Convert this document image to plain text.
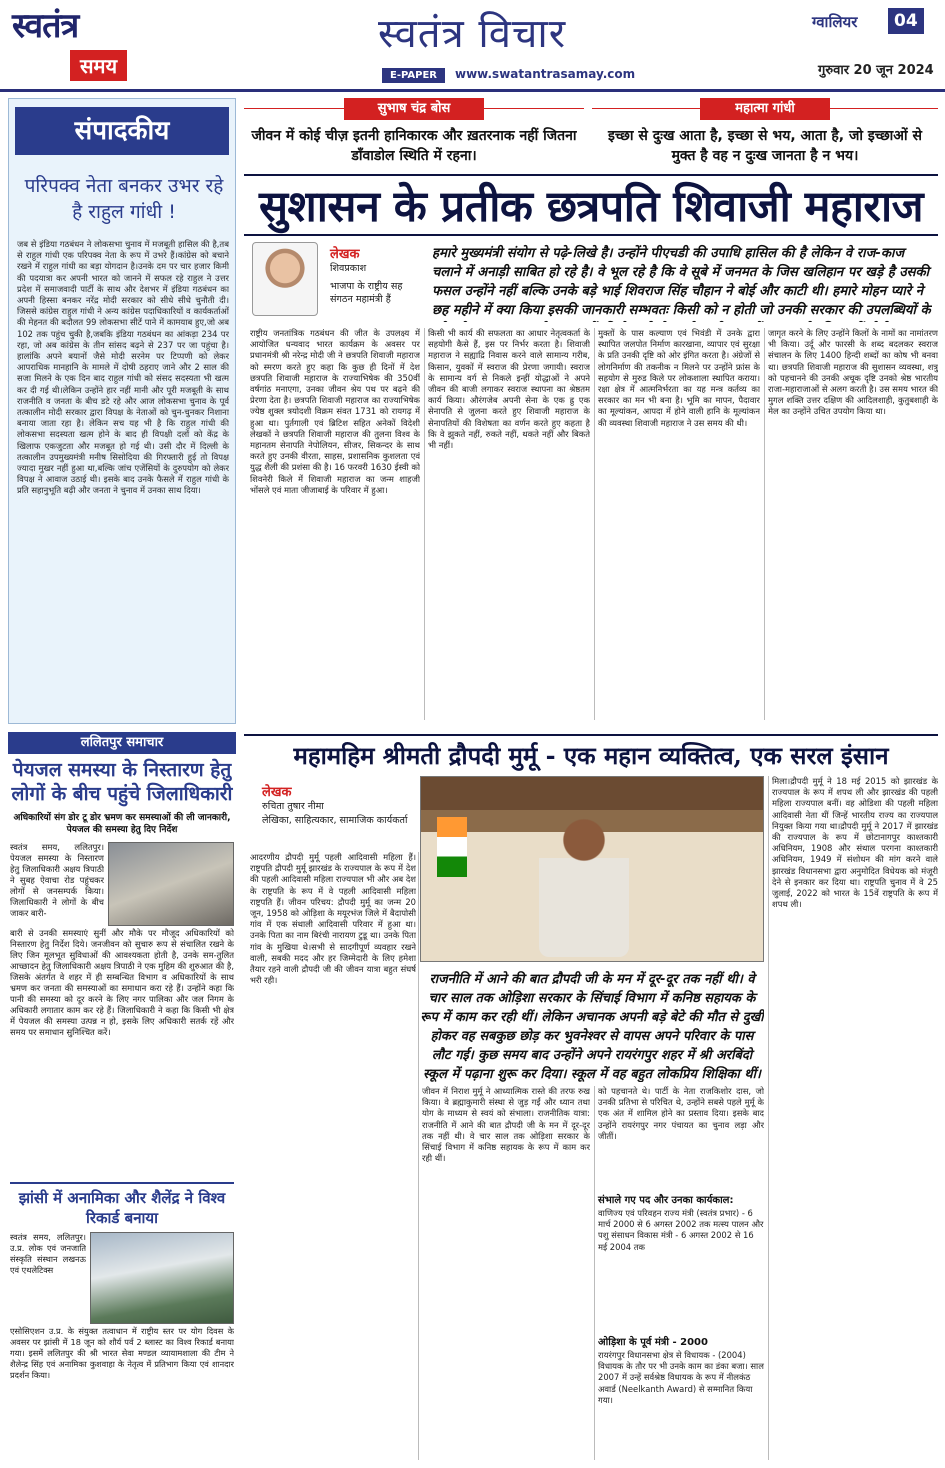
स्वतंत्र
समय
स्वतंत्र विचार
E-PAPER	www.swatantrasamay.com
ग्वालियर	04
गुरुवार 20 जून 2024
संपादकीय
परिपक्व नेता बनकर उभर रहे है राहुल गांधी !
जब से इंडिया गठबंधन ने लोकसभा चुनाव में मजबूती हासिल की है,तब से राहुल गांधी एक परिपक्व नेता के रूप में उभरे हैं।कांग्रेस को बचाने रखने में राहुल गांधी का बड़ा योगदान है।उनके दम पर चार हजार किमी की पदयात्रा कर अपनी भारत को जानने में सफल रहे राहुल ने उत्तर प्रदेश में समाजवादी पार्टी के साथ और देशभर में इंडिया गठबंधन का अपनी हिस्सा बनकर नरेंद्र मोदी सरकार को सीधे सीधे चुनौती दी। जिससे कांग्रेस राहुल गांधी ने अन्य कांग्रेस पदाधिकारियों व कार्यकर्ताओं की मेहनत की बदौलत 99 लोकसभा सीटें पाने में कामयाब हुए,जो अब 102 तक पहुंच चुकी है,जबकि इंडिया गठबंधन का आंकड़ा 234 पर रहा, जो अब कांग्रेस के तीन सांसद बढ़ने से 237 पर जा पहुंचा है।हालांकि अपने बयानों जैसे मोदी सरनेम पर टिप्पणी को लेकर आपराधिक मानहानि के मामले में दोषी ठहराए जाने और 2 साल की सजा मिलने के एक दिन बाद राहुल गांधी को संसद सदस्यता भी खत्म कर दी गई थी।लेकिन उन्होंने हार नहीं मानी और पूरी मजबूती के साथ राजनीति व जनता के बीच डटे रहे और आज लोकसभा चुनाव के पूर्व तत्कालीन मोदी सरकार द्वारा विपक्ष के नेताओं को चुन-चुनकर निशाना बनाया जाता रहा है। लेकिन सच यह भी है कि राहुल गांधी की लोकसभा सदस्यता खत्म होने के बाद ही विपक्षी दलों को केंद्र के खिलाफ एकजुटता और मजबूत हो गई थी। उसी दौर में दिल्ली के तत्कालीन उपमुख्यमंत्री मनीष सिसोदिया की गिरफ्तारी हुई तो विपक्ष ज्यादा मुखर नहीं हुआ था,बल्कि जांच एजेंसियों के दुरुपयोग को लेकर विपक्ष ने आवाज उठाई थी। इसके बाद उनके फैसले में राहुल गांधी के प्रति सहानुभूति बढ़ी और जनता ने चुनाव में उनका साथ दिया।
ललितपुर समाचार
पेयजल समस्या के निस्तारण हेतु लोगों के बीच पहुंचे जिलाधिकारी
अधिकारियों संग डोर टू डोर भ्रमण कर समस्याओं की ली जानकारी, पेयजल की समस्या हेतु दिए निर्देश
स्वतंत्र समय, ललितपुर। पेयजल समस्या के निस्तारण हेतु जिलाधिकारी अक्षय त्रिपाठी ने सुबह ऐवाचा रोड पहुंचकर लोगों से जनसम्पर्क किया। जिलाधिकारी ने लोगों के बीच जाकर बारी-
बारी से उनकी समस्याएं सुनीं और मौके पर मौजूद अधिकारियों को निस्तारण हेतु निर्देश दिये। जनजीवन को सुचारु रूप से संचालित रखने के लिए जिन मूलभूत सुविधाओं की आवश्यकता होती है, उनके सम-तुलित आच्छादन हेतु जिलाधिकारी अक्षय त्रिपाठी ने एक मुहिम की शुरुआत की है, जिसके अंतर्गत वे शहर में ही सम्बन्धित विभाग व अधिकारियों के साथ भ्रमण कर जनता की समस्याओं का समाधान करा रहे हैं। उन्होंने कहा कि पानी की समस्या को दूर करने के लिए नगर पालिका और जल निगम के अधिकारी लगातार काम कर रहे हैं। जिलाधिकारी ने कहा कि किसी भी क्षेत्र में पेयजल की समस्या उत्पन्न न हो, इसके लिए अधिकारी सतर्क रहें और समय पर समाधान सुनिश्चित करें।
झांसी में अनामिका और शैलेंद्र ने विश्व रिकार्ड बनाया
स्वतंत्र समय, ललितपुर। उ.प्र. लोक एवं जनजाति संस्कृति संस्थान लखनऊ एवं एथलेटिक्स
एसोसिएशन उ.प्र. के संयुक्त तत्वाधान में राष्ट्रीय स्तर पर योग दिवस के अवसर पर झांसी में 18 जून को शौर्य पर्व 2 ब्लास्ट का विश्व रिकार्ड बनाया गया। इसमें ललितपुर की श्री भारत सेवा मण्डल व्यायामशाला की टीम ने शैलेन्द्र सिंह एवं अनामिका कुशवाहा के नेतृत्व में प्रतिभाग किया एवं शानदार प्रदर्शन किया।
सुभाष चंद्र बोस
जीवन में कोई चीज़ इतनी हानिकारक और ख़तरनाक नहीं जितना डाँवाडोल स्थिति में रहना।
महात्मा गांधी
इच्छा से दुःख आता है, इच्छा से भय, आता है, जो इच्छाओं से मुक्त है वह न दुःख जानता है न भय।
सुशासन के प्रतीक छत्रपति शिवाजी महाराज
लेखक
शिवप्रकाश
भाजपा के राष्ट्रीय सह संगठन महामंत्री हैं
हमारे मुख्यमंत्री संयोग से पढ़े-लिखे है। उन्होंने पीएचडी की उपाधि हासिल की है लेकिन वे राज-काज चलाने में अनाड़ी साबित हो रहे है। वे भूल रहे है कि वे सूबे में जनमत के जिस खलिहान पर खड़े है उसकी फसल उन्होंने नहीं बल्कि उनके बड़े भाई शिवराज सिंह चौहान ने बोई और काटी थी। हमारे मोहन प्यारे ने छह महीने में क्या किया इसकी जानकारी सम्भवतः किसी को न होती जो उनकी सरकार की उपलब्धियों के
राष्ट्रीय जनतांत्रिक गठबंधन की जीत के उपलक्ष्य में आयोजित धन्यवाद भारत कार्यक्रम के अवसर पर प्रधानमंत्री श्री नरेन्द्र मोदी जी ने छत्रपति शिवाजी महाराज को स्मरण करते हुए कहा कि कुछ ही दिनों में देश छत्रपति शिवाजी महाराज के राज्याभिषेक की 350वीं वर्षगांठ मनाएगा, उनका जीवन श्रेय पथ पर बढ़ने की प्रेरणा देता है। छत्रपति शिवाजी महाराज का राज्याभिषेक ज्येष्ठ शुक्ल त्रयोदशी विक्रम संवत 1731 को रायगढ़ में हुआ था। पुर्तगाली एवं ब्रिटिश सहित अनेकों विदेशी लेखकों ने छत्रपति शिवाजी महाराज की तुलना विश्व के महानतम सेनापति नेपोलियन, सीजर, सिकन्दर के साथ करते हुए उनकी वीरता, साहस, प्रशासनिक कुशलता एवं युद्ध शैली की प्रशंसा की है। 16 फरवरी 1630 ईस्वी को शिवनेरी किले में शिवाजी महाराज का जन्म शाहजी भोंसले एवं माता जीजाबाई के परिवार में हुआ।
किसी भी कार्य की सफलता का आधार नेतृत्वकर्ता के सहयोगी कैसे हैं, इस पर निर्भर करता है। शिवाजी महाराज ने सह्याद्रि निवास करने वाले सामान्य गरीब, किसान, युवकों में स्वराज की प्रेरणा जगायी। स्वराज के सामान्य वर्ग से निकले इन्हीं योद्धाओं ने अपने जीवन की बाजी लगाकर स्वराज स्थापना का श्रेष्ठतम कार्य किया। औरंगजेब अपनी सेना के एक ह्रु एक सेनापति से जुलना करते हुए शिवाजी महाराज के सेनापतियों की विशेषता का वर्णन करते हुए कहता है कि वे झुकते नहीं, रुकते नहीं, थकते नहीं और बिकते भी नहीं।
मुक्तों के पास कल्याण एवं भिवंडी में उनके द्वारा स्थापित जलपोत निर्माण कारखाना, व्यापार एवं सुरक्षा के प्रति उनकी दृष्टि को ओर इंगित करता है। अंग्रेजों से लोगनिर्माण की तकनीक न मिलने पर उन्होंने फ्रांस के सहयोग से मुरुड किले पर लोकशाला स्थापित कराया। रक्षा क्षेत्र में आत्मनिर्भरता का यह मन्त्र कर्तव्य का सरकार का मन भी बना है। भूमि का मापन, पैदावार का मूल्यांकन, आपदा में होने वाली हानि के मूल्यांकन की व्यवस्था शिवाजी महाराज ने उस समय की थी।
जागृत करने के लिए उन्होंने किलों के नामों का नामांतरण भी किया। उर्दू और फारसी के शब्द बदलकर स्वराज संचालन के लिए 1400 हिन्दी शब्दों का कोष भी बनवा था। छत्रपति शिवाजी महाराज की सुशासन व्यवस्था, शत्रु को पहचानने की उनकी अचूक दृष्टि उनको श्रेष्ठ भारतीय राजा-महाराजाओं से अलग करती है। उस समय भारत की मुगल शक्ति उत्तर दक्षिण की आदिलशाही, कुतुबशाही के मेल का उन्होंने उचित उपयोग किया था।
महामहिम श्रीमती द्रौपदी मुर्मू - एक महान व्यक्तित्व, एक सरल इंसान
लेखक
रुचिता तुषार नीमा
लेखिका, साहित्यकार, सामाजिक कार्यकर्ता
राजनीति में आने की बात द्रौपदी जी के मन में दूर-दूर तक नहीं थी। वे चार साल तक ओड़िशा सरकार के सिंचाई विभाग में कनिष्ठ सहायक के रूप में काम कर रही थीं। लेकिन अचानक अपनी बड़े बेटे की मौत से दुखी होकर वह सबकुछ छोड़ कर भुवनेश्वर से वापस अपने परिवार के पास लौट गई। कुछ समय बाद उन्होंने अपने रायरंगपुर शहर में श्री अरबिंदो स्कूल में पढ़ाना शुरू कर दिया। स्कूल में वह बहुत लोकप्रिय शिक्षिका थीं।
आदरणीय द्रौपदी मुर्मू पहली आदिवासी महिला हैं।राष्ट्रपति द्रौपदी मुर्मू झारखंड के राज्यपाल के रूप में देश की पहली आदिवासी महिला राज्यपाल भी और अब देश के राष्ट्रपति के रूप में वे पहली आदिवासी महिला राष्ट्रपति हैं। जीवन परिचय: द्रौपदी मुर्मू का जन्म 20 जून, 1958 को ओड़िशा के मयूरभंज जिले में बैदापोसी गांव में एक संथाली आदिवासी परिवार में हुआ था। उनके पिता का नाम बिरंची नारायण टुडू था। उनके पिता गांव के मुखिया थे।सभी से सादगीपूर्ण व्यवहार रखने वाली, सबकी मदद और हर जिम्मेदारी के लिए हमेशा तैयार रहने वाली द्रौपदी जी की जीवन यात्रा बहुत संघर्ष भरी रही।
जीवन में निराश मुर्मू ने आध्यात्मिक रास्ते की तरफ रुख किया। वे ब्रह्माकुमारी संस्था से जुड़ गईं और ध्यान तथा योग के माध्यम से स्वयं को संभाला। राजनीतिक यात्रा: राजनीति में आने की बात द्रौपदी जी के मन में दूर-दूर तक नहीं थी। वे चार साल तक ओड़िशा सरकार के सिंचाई विभाग में कनिष्ठ सहायक के रूप में काम कर रही थीं।
को पहचानते थे। पार्टी के नेता राजकिशोर दास, जो उनकी प्रतिभा से परिचित थे, उन्होंने सबसे पहले मुर्मू के एक अंत में शामिल होने का प्रस्ताव दिया। इसके बाद उन्होंने रायरंगपुर नगर पंचायत का चुनाव लड़ा और जीतीं।
संभाले गए पद और उनका कार्यकाल:
वाणिज्य एवं परिवहन राज्य मंत्री (स्वतंत्र प्रभार) - 6 मार्च 2000 से 6 अगस्त 2002 तक मत्स्य पालन और पशु संसाधन विकास मंत्री - 6 अगस्त 2002 से 16 मई 2004 तक
ओड़िशा के पूर्व मंत्री - 2000
रायरंगपुर विधानसभा क्षेत्र से विधायक - (2004) विधायक के तौर पर भी उनके काम का डंका बजा। साल 2007 में उन्हें सर्वश्रेष्ठ विधायक के रूप में नीलकंठ अवार्ड (Neelkanth Award) से सम्मानित किया गया।
मिला।द्रौपदी मुर्मू ने 18 मई 2015 को झारखंड के राज्यपाल के रूप में शपथ ली और झारखंड की पहली महिला राज्यपाल बनीं। वह ओडिशा की पहली महिला आदिवासी नेता थीं जिन्हें भारतीय राज्य का राज्यपाल नियुक्त किया गया था।द्रौपदी मुर्मू ने 2017 में झारखंड की राज्यपाल के रूप में छोटानागपुर काश्तकारी अधिनियम, 1908 और संथाल परगना काश्तकारी अधिनियम, 1949 में संशोधन की मांग करने वाले झारखंड विधानसभा द्वारा अनुमोदित विधेयक को मंजूरी देने से इनकार कर दिया था। राष्ट्रपति चुनाव में वे 25 जुलाई, 2022 को भारत के 15वें राष्ट्रपति के रूप में शपथ ली।
